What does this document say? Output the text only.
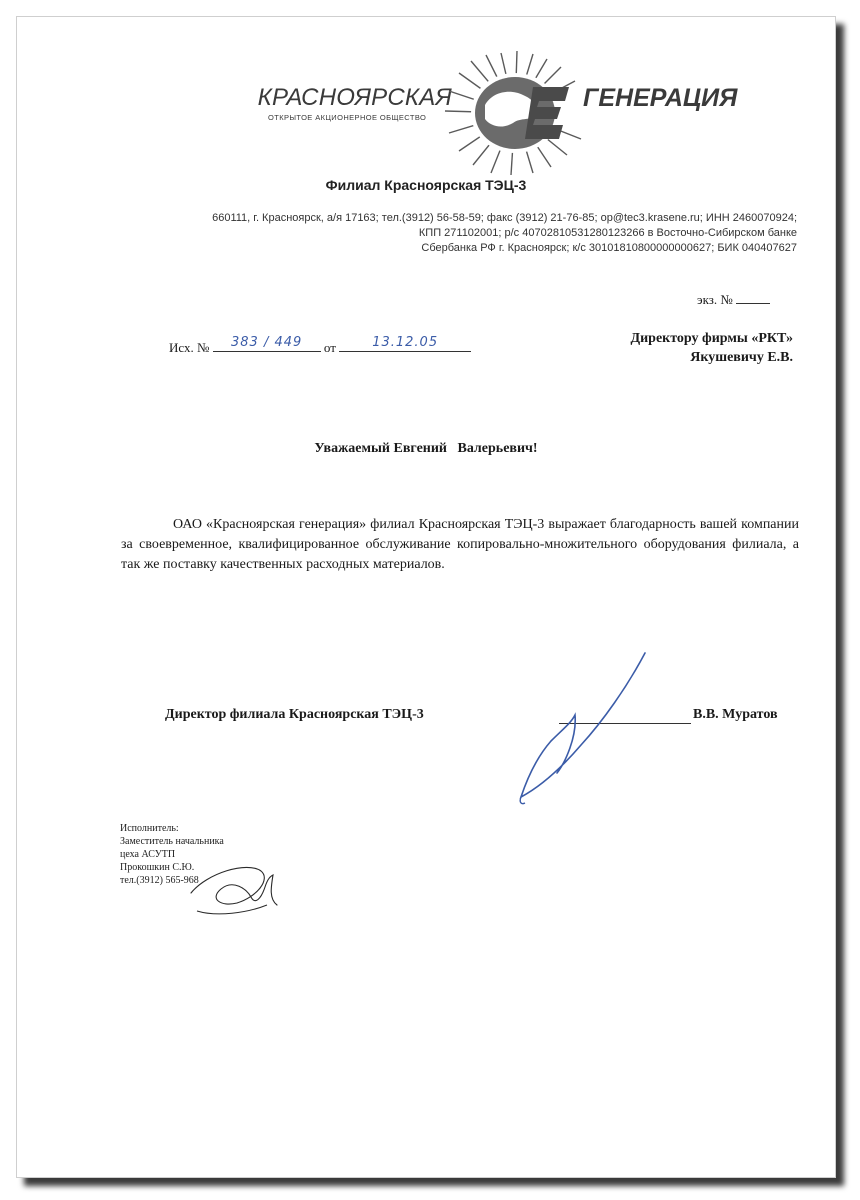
КРАСНОЯРСКАЯ
ОТКРЫТОЕ АКЦИОНЕРНОЕ ОБЩЕСТВО
ГЕНЕРАЦИЯ
Филиал Красноярская ТЭЦ-3
660111, г. Красноярск, а/я 17163; тел.(3912) 56-58-59; факс (3912) 21-76-85; op@tec3.krasene.ru; ИНН 2460070924;
КПП 271102001; р/с 40702810531280123266 в Восточно-Сибирском банке
Сбербанка РФ г. Красноярск; к/с 30101810800000000627; БИК 040407627
экз. №
Исх. №	383 / 449	от	13.12.05	Директору фирмы «РКТ»
Якушевичу Е.В.
Уважаемый Евгений   Валерьевич!
ОАО «Красноярская генерация» филиал Красноярская ТЭЦ-3 выражает благодарность вашей компании за своевременное, квалифицированное обслуживание копировально-множительного оборудования филиала, а так же поставку качественных расходных материалов.
Директор филиала Красноярская ТЭЦ-3	В.В. Муратов
Исполнитель:
Заместитель начальника
цеха АСУТП
Прокошкин С.Ю.
тел.(3912) 565-968
